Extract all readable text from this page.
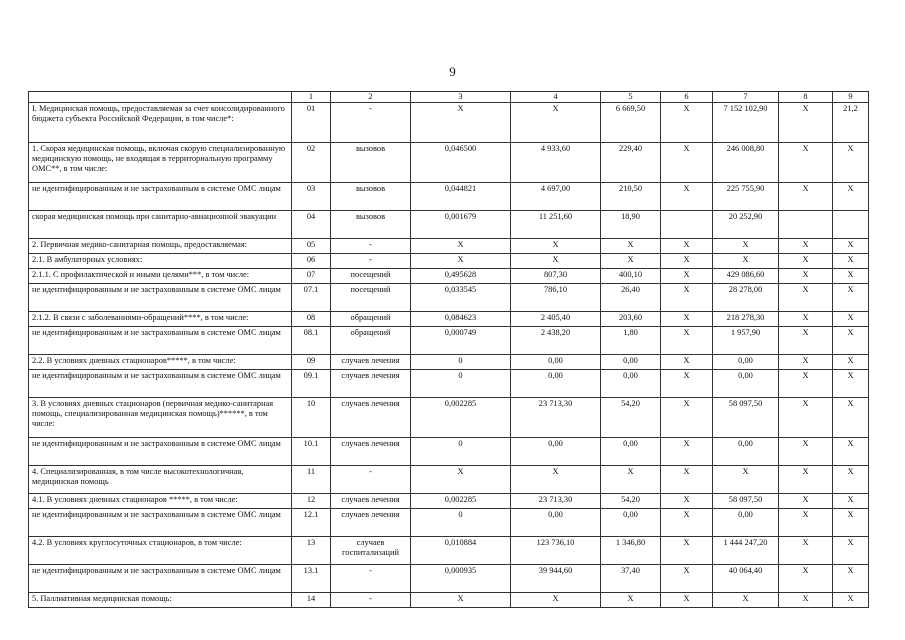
9
	1	2	3	4	5	6	7	8	9
I. Медицинская помощь, предоставляемая за счет консолидированного бюджета субъекта Российской Федерации, в том числе*:	01	-	X	X	6 669,50	X	7 152 102,90	X	21,2
1. Скорая медицинская помощь, включая скорую специализированную медицинскую помощь, не входящая в территориальную программу ОМС**, в том числе:	02	вызовов	0,046500	4 933,60	229,40	X	246 008,80	X	X
не идентифицированным и не застрахованным в системе ОМС лицам	03	вызовов	0,044821	4 697,00	210,50	X	225 755,90	X	X
скорая медицинская помощь при санитарно-авиационной эвакуации	04	вызовов	0,001679	11 251,60	18,90		20 252,90		
2. Первичная медико-санитарная помощь, предоставляемая:	05	-	X	X	X	X	X	X	X
2.1. В амбулаторных условиях:	06	-	X	X	X	X	X	X	X
2.1.1. С профилактической и иными целями***, в том числе:	07	посещений	0,495628	807,30	400,10	X	429 086,60	X	X
не идентифицированным и не застрахованным в системе ОМС лицам	07.1	посещений	0,033545	786,10	26,40	X	28 278,00	X	X
2.1.2. В связи с заболеваниями-обращений****, в том числе:	08	обращений	0,084623	2 405,40	203,60	X	218 278,30	X	X
не идентифицированным и не застрахованным в системе ОМС лицам	08.1	обращений	0,000749	2 438,20	1,80	X	1 957,90	X	X
2.2. В условиях дневных стационаров*****, в том числе:	09	случаев лечения	0	0,00	0,00	X	0,00	X	X
не идентифицированным и не застрахованным в системе ОМС лицам	09.1	случаев лечения	0	0,00	0,00	X	0,00	X	X
3. В условиях дневных стационаров (первичная медико-санитарная помощь, специализированная медицинская помощь)******, в том числе:	10	случаев лечения	0,002285	23 713,30	54,20	X	58 097,50	X	X
не идентифицированным и не застрахованным в системе ОМС лицам	10.1	случаев лечения	0	0,00	0,00	X	0,00	X	X
4. Специализированная, в том числе высокотехнологичная, медицинская помощь	11	-	X	X	X	X	X	X	X
4.1. В условиях дневных стационаров *****, в том числе:	12	случаев лечения	0,002285	23 713,30	54,20	X	58 097,50	X	X
не идентифицированным и не застрахованным в системе ОМС лицам	12.1	случаев лечения	0	0,00	0,00	X	0,00	X	X
4.2. В условиях круглосуточных стационаров, в том числе:	13	случаев госпитализаций	0,010884	123 736,10	1 346,80	X	1 444 247,20	X	X
не идентифицированным и не застрахованным в системе ОМС лицам	13.1	-	0,000935	39 944,60	37,40	X	40 064,40	X	X
5. Паллиативная медицинская помощь:	14	-	X	X	X	X	X	X	X
